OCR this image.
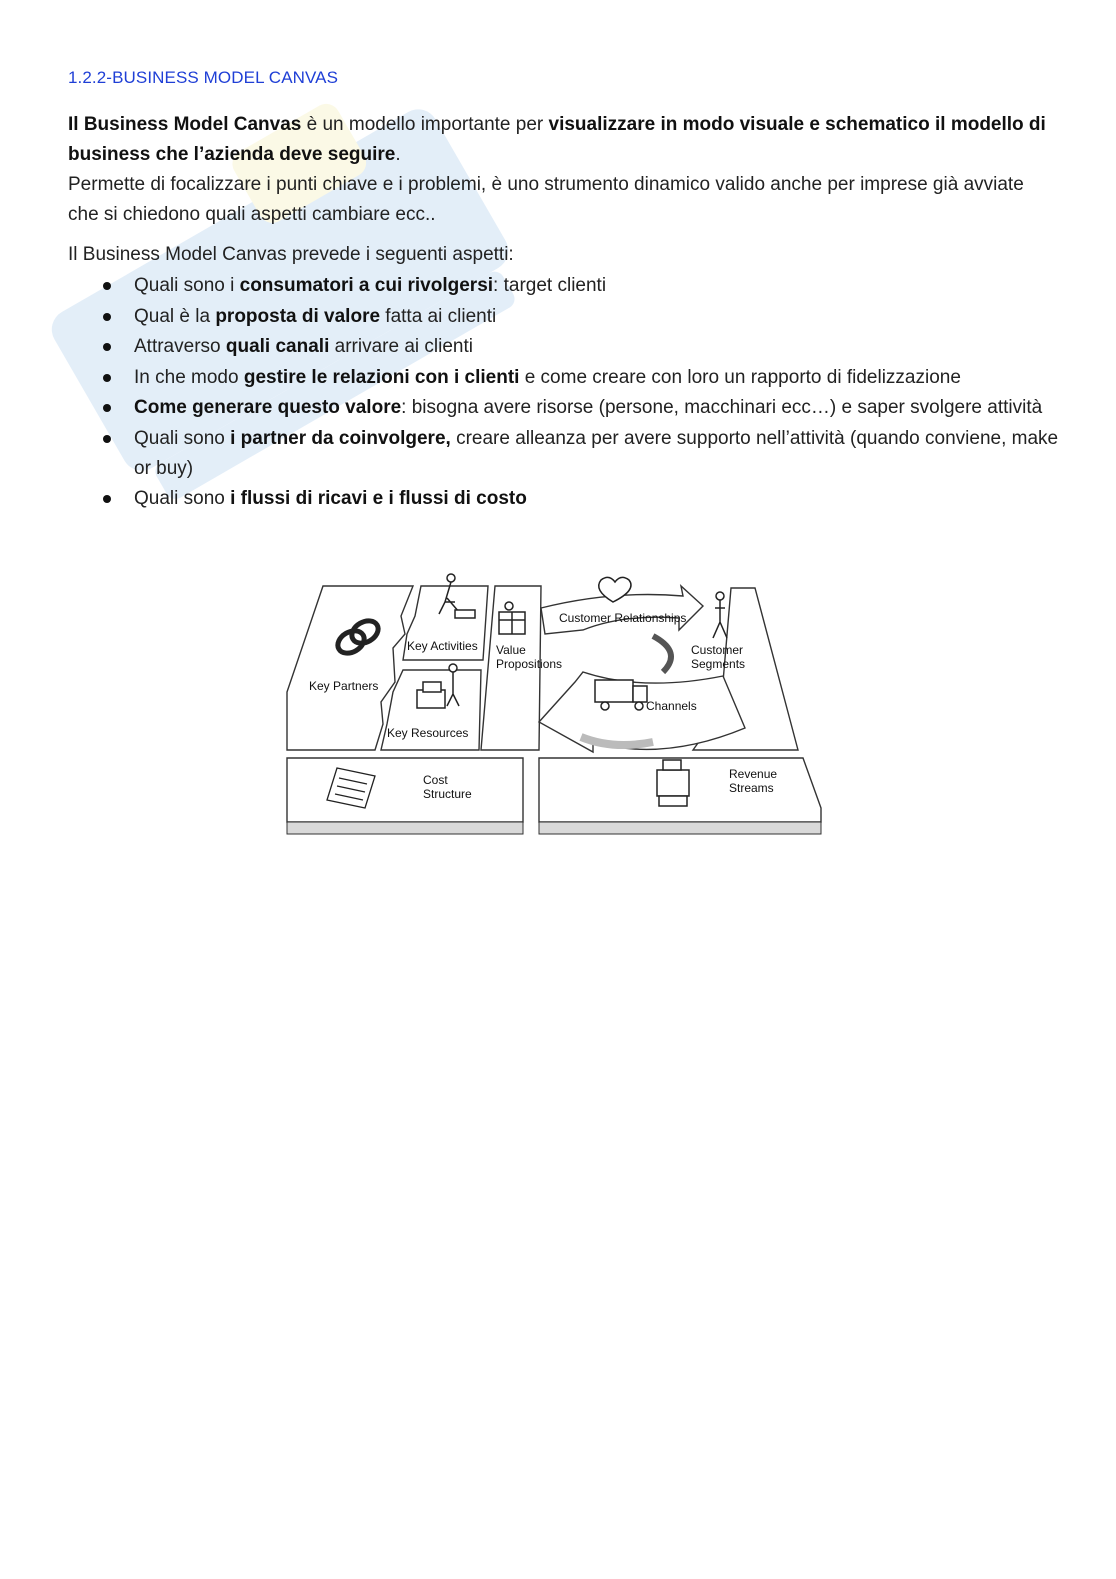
1.2.2-BUSINESS MODEL CANVAS

Il Business Model Canvas è un modello importante per visualizzare in modo visuale e schematico il modello di business che l’azienda deve seguire.
Permette di focalizzare i punti chiave e i problemi, è uno strumento dinamico valido anche per imprese già avviate che si chiedono quali aspetti cambiare ecc..

Il Business Model Canvas prevede i seguenti aspetti:

Quali sono i consumatori a cui rivolgersi: target clienti
Qual è la proposta di valore fatta ai clienti
Attraverso quali canali arrivare ai clienti
In che modo gestire le relazioni con i clienti e come creare con loro un rapporto di fidelizzazione
Come generare questo valore: bisogna avere risorse (persone, macchinari ecc…) e saper svolgere attività
Quali sono i partner da coinvolgere, creare alleanza per avere supporto nell’attività (quando conviene, make or buy)
Quali sono i flussi di ricavi e i flussi di costo
Key Partners
Key Activities
Key Resources
Value
Propositions
Customer Relationships
Channels
Customer
Segments
Cost
Structure
Revenue
Streams
